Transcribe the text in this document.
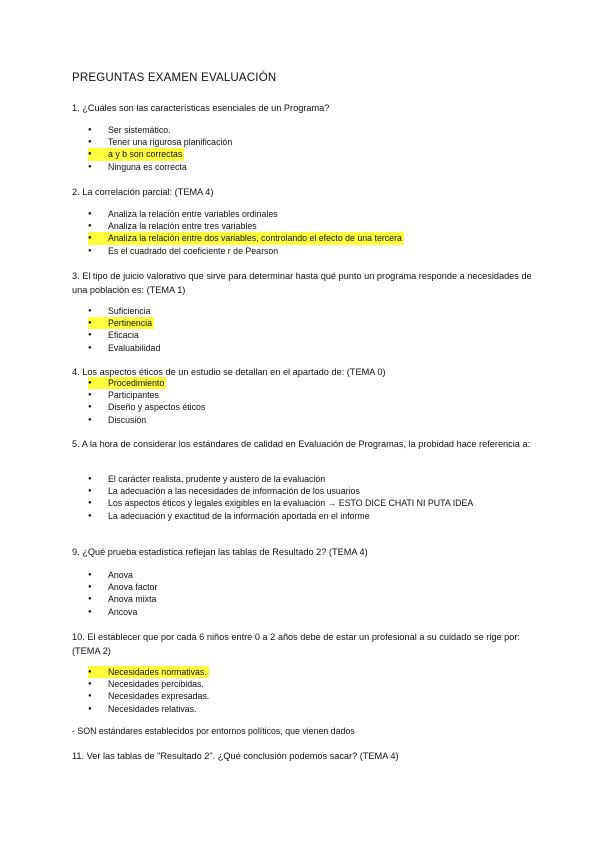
PREGUNTAS EXAMEN EVALUACIÓN
1. ¿Cuáles son las características esenciales de un Programa?
● Ser sistemático.
● Tener una rigurosa planificación
● a y b son correctas
● Ninguna es correcta
2. La correlación parcial: (TEMA 4)
● Analiza la relación entre variables ordinales
● Analiza la relación entre tres variables
● Analiza la relación entre dos variables, controlando el efecto de una tercera
● Es el cuadrado del coeficiente r de Pearson
3. El tipo de juicio valorativo que sirve para determinar hasta qué punto un programa responde a necesidades de una población es: (TEMA 1)
● Suficiencia
● Pertinencia
● Eficacia
● Evaluabilidad
4. Los aspectos éticos de un estudio se detallan en el apartado de: (TEMA 0)
● Procedimiento
● Participantes
● Diseño y aspectos éticos
● Discusión
5. A la hora de considerar los estándares de calidad en Evaluación de Programas, la probidad hace referencia a:
● El carácter realista, prudente y austero de la evaluación
● La adecuación a las necesidades de información de los usuarios
● Los aspectos éticos y legales exigibles en la evaluación → ESTO DICE CHATI NI PUTA IDEA
● La adecuación y exactitud de la información aportada en el informe
9. ¿Qué prueba estadística reflejan las tablas de Resultado 2? (TEMA 4)
● Anova
● Anova factor
● Anova mixta
● Ancova
10. El establecer que por cada 6 niños entre 0 a 2 años debe de estar un profesional a su cuidado se rige por: (TEMA 2)
● Necesidades normativas.
● Necesidades percibidas.
● Necesidades expresadas.
● Necesidades relativas.
- SON estándares establecidos por entornos políticos, que vienen dados
11. Ver las tablas de "Resultado 2". ¿Qué conclusión podemos sacar? (TEMA 4)
